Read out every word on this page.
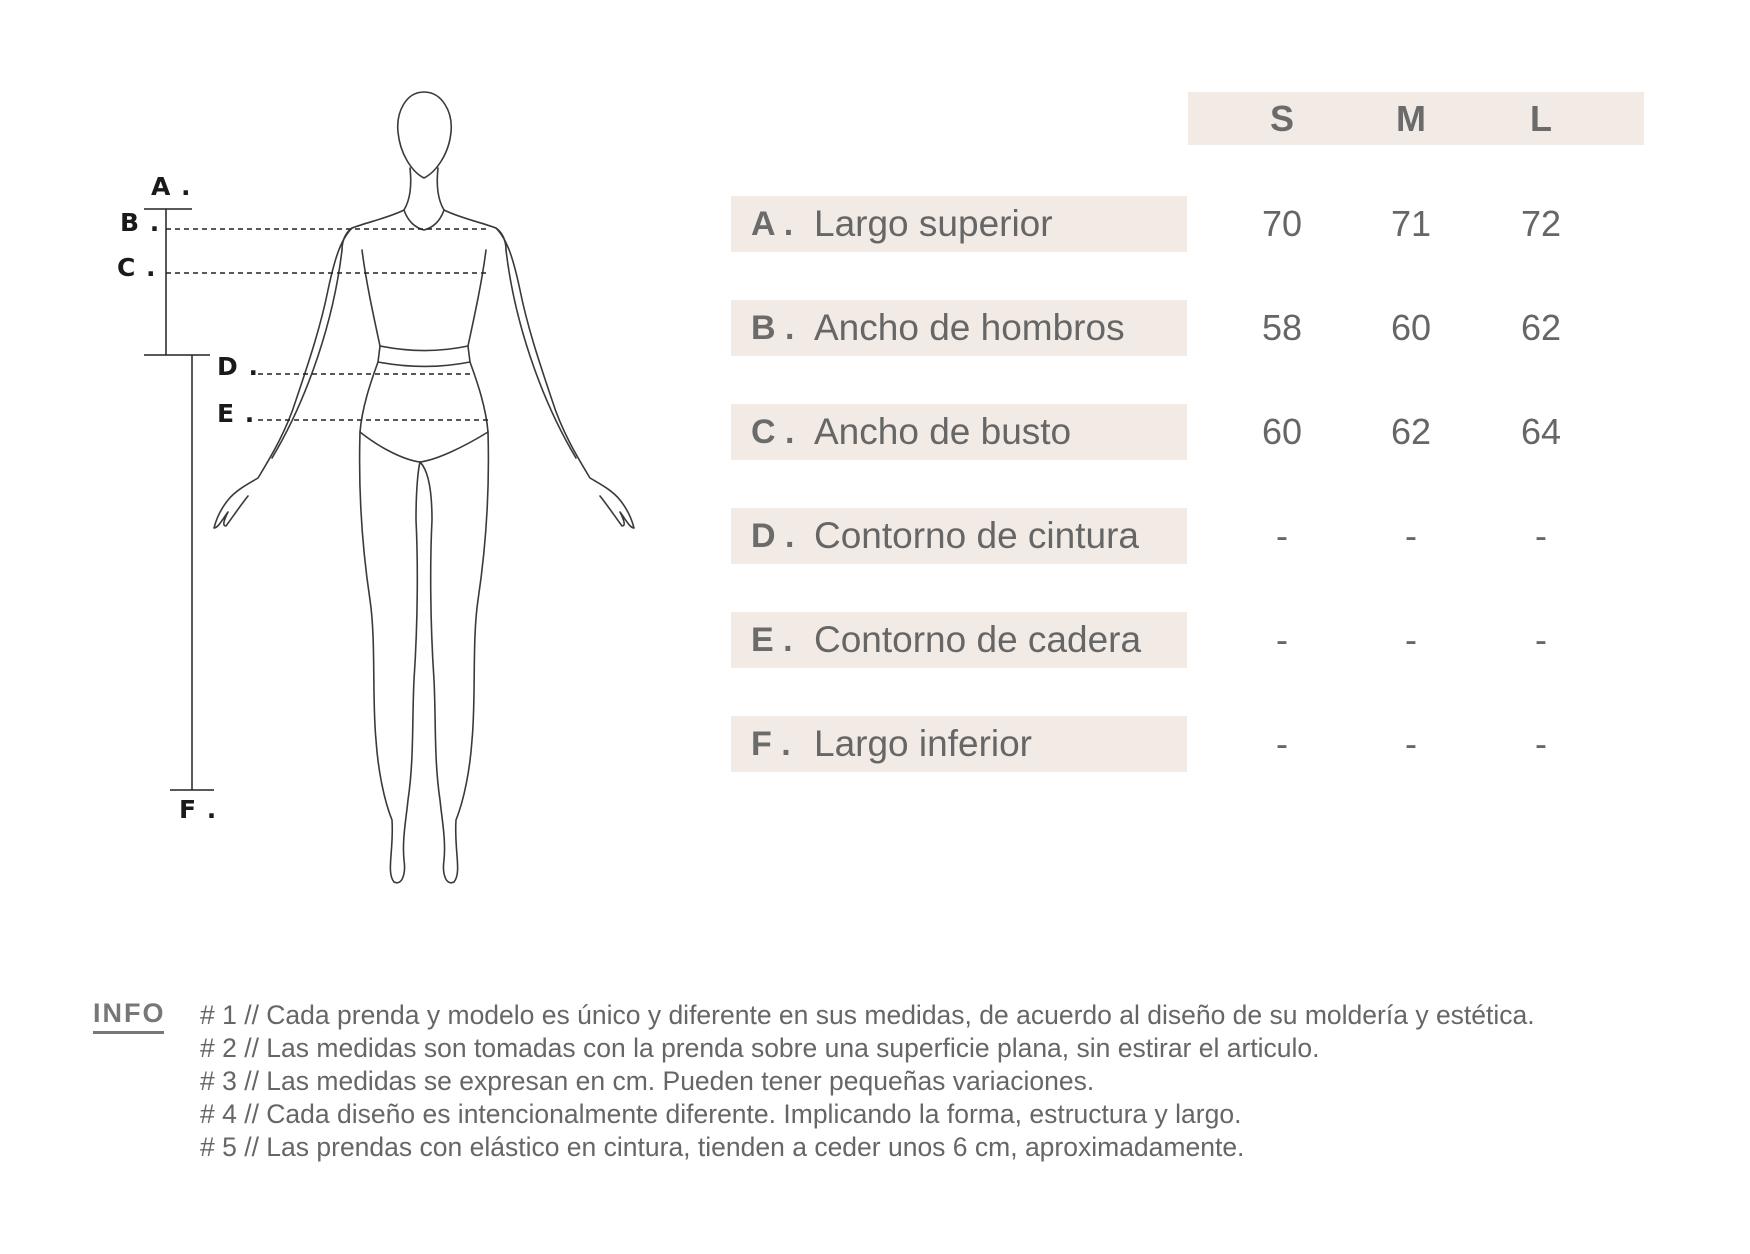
A .
B .
C .
D .
E .
F .
S	M	L
A . Largo superior	70	71	72
B . Ancho de hombros	58	60	62
C . Ancho de busto	60	62	64
D . Contorno de cintura	-	-	-
E . Contorno de cadera	-	-	-
F . Largo inferior	-	-	-
INFO # 1 // Cada prenda y modelo es único y diferente en sus medidas, de acuerdo al diseño de su moldería y estética.
# 2 // Las medidas son tomadas con la prenda sobre una superficie plana, sin estirar el articulo.
# 3 // Las medidas se expresan en cm. Pueden tener pequeñas variaciones.
# 4 // Cada diseño es intencionalmente diferente. Implicando la forma, estructura y largo.
# 5 // Las prendas con elástico en cintura, tienden a ceder unos 6 cm, aproximadamente.
